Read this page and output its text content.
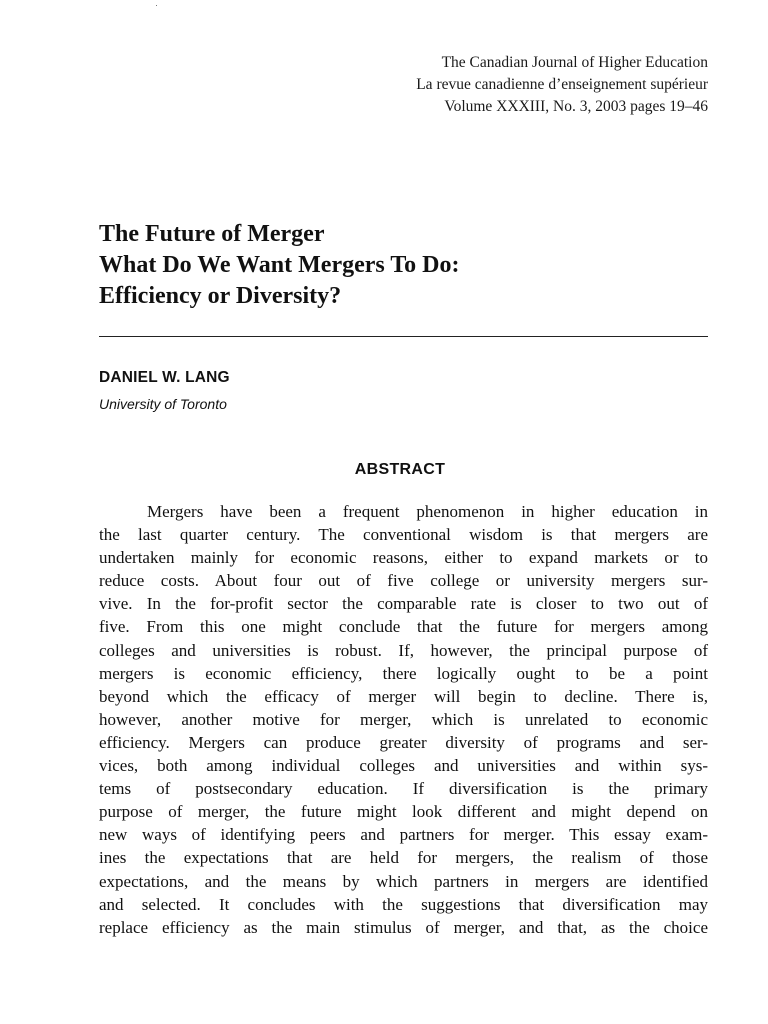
The Canadian Journal of Higher Education
La revue canadienne d’enseignement supérieur
Volume XXXIII, No. 3, 2003 pages 19–46
The Future of Merger
What Do We Want Mergers To Do:
Efficiency or Diversity?
DANIEL W. LANG
University of Toronto
ABSTRACT
Mergers have been a frequent phenomenon in higher education in
the last quarter century. The conventional wisdom is that mergers are
undertaken mainly for economic reasons, either to expand markets or to
reduce costs. About four out of five college or university mergers sur-
vive. In the for-profit sector the comparable rate is closer to two out of
five. From this one might conclude that the future for mergers among
colleges and universities is robust. If, however, the principal purpose of
mergers is economic efficiency, there logically ought to be a point
beyond which the efficacy of merger will begin to decline. There is,
however, another motive for merger, which is unrelated to economic
efficiency. Mergers can produce greater diversity of programs and ser-
vices, both among individual colleges and universities and within sys-
tems of postsecondary education. If diversification is the primary
purpose of merger, the future might look different and might depend on
new ways of identifying peers and partners for merger. This essay exam-
ines the expectations that are held for mergers, the realism of those
expectations, and the means by which partners in mergers are identified
and selected. It concludes with the suggestions that diversification may
replace efficiency as the main stimulus of merger, and that, as the choice
